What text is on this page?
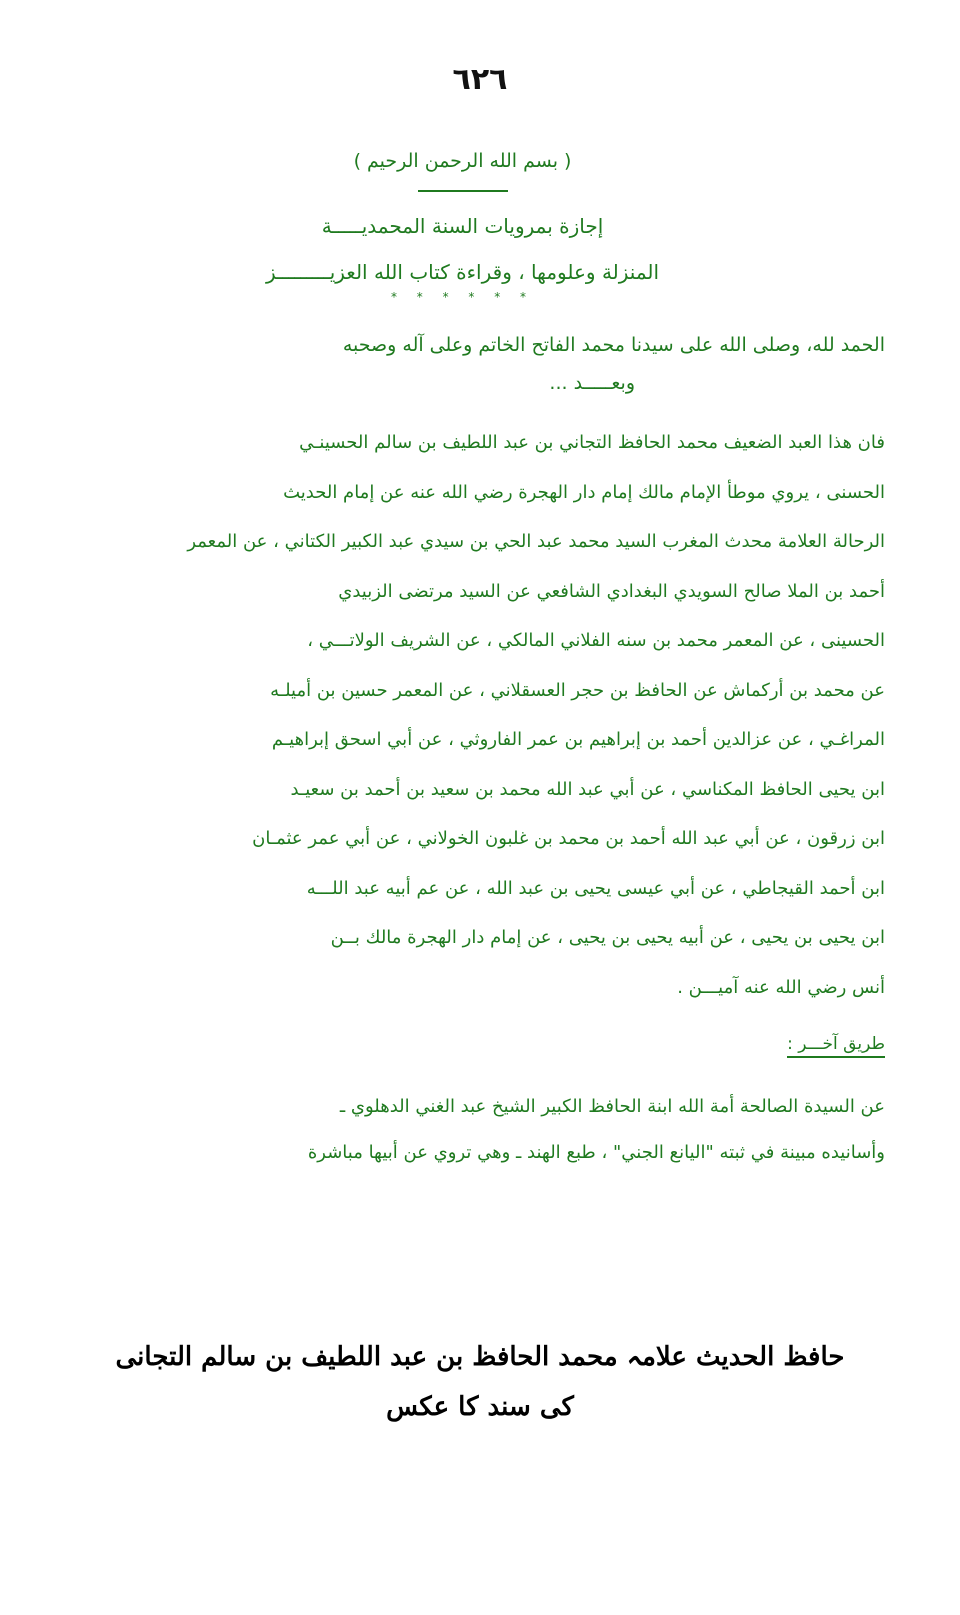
٦٢٦
( بسم الله الرحمن الرحيم )
إجازة بمرويات السنة المحمديـــــة
المنزلة وعلومها ، وقراءة كتاب الله العزيـــــــــز
* * * * * *
الحمد لله، وصلى الله على سيدنا محمد الفاتح الخاتم وعلى آله وصحبه
وبعـــــد ...
فان هذا العبد الضعيف محمد الحافظ التجاني بن عبد اللطيف بن سالم الحسينـي
الحسنى ، يروي موطأ الإمام مالك إمام دار الهجرة رضي الله عنه عن إمام الحديث
الرحالة العلامة محدث المغرب السيد محمد عبد الحي بن سيدي عبد الكبير الكتاني ، عن المعمر
أحمد بن الملا صالح السويدي البغدادي الشافعي عن السيد مرتضى الزبيدي
الحسينى ، عن المعمر محمد بن سنه الفلاني المالكي ، عن الشريف الولاتـــي ،
عن محمد بن أركماش عن الحافظ بن حجر العسقلاني ، عن المعمر حسين بن أميلـه
المراغـي ، عن عزالدين أحمد بن إبراهيم بن عمر الفاروثي ، عن أبي اسحق إبراهيـم
ابن يحيى الحافظ المكناسي ، عن أبي عبد الله محمد بن سعيد بن أحمد بن سعيـد
ابن زرقون ، عن أبي عبد الله أحمد بن محمد بن غلبون الخولاني ، عن أبي عمر عثمـان
ابن أحمد القيجاطي ، عن أبي عيسى يحيى بن عبد الله ، عن عم أبيه عبد اللـــه
ابن يحيى بن يحيى ، عن أبيه يحيى بن يحيى ، عن إمام دار الهجرة مالك بــن
أنس رضي الله عنه آميـــن .
طريق آخـــر :
عن السيدة الصالحة أمة الله ابنة الحافظ الكبير الشيخ عبد الغني الدهلوي ـ
وأسانيده مبينة في ثبته "اليانع الجني" ، طبع الهند ـ وهي تروي عن أبيها مباشرة
حافظ الحدیث علامہ محمد الحافظ بن عبد اللطیف بن سالم التجانی
کی سند کا عکس
